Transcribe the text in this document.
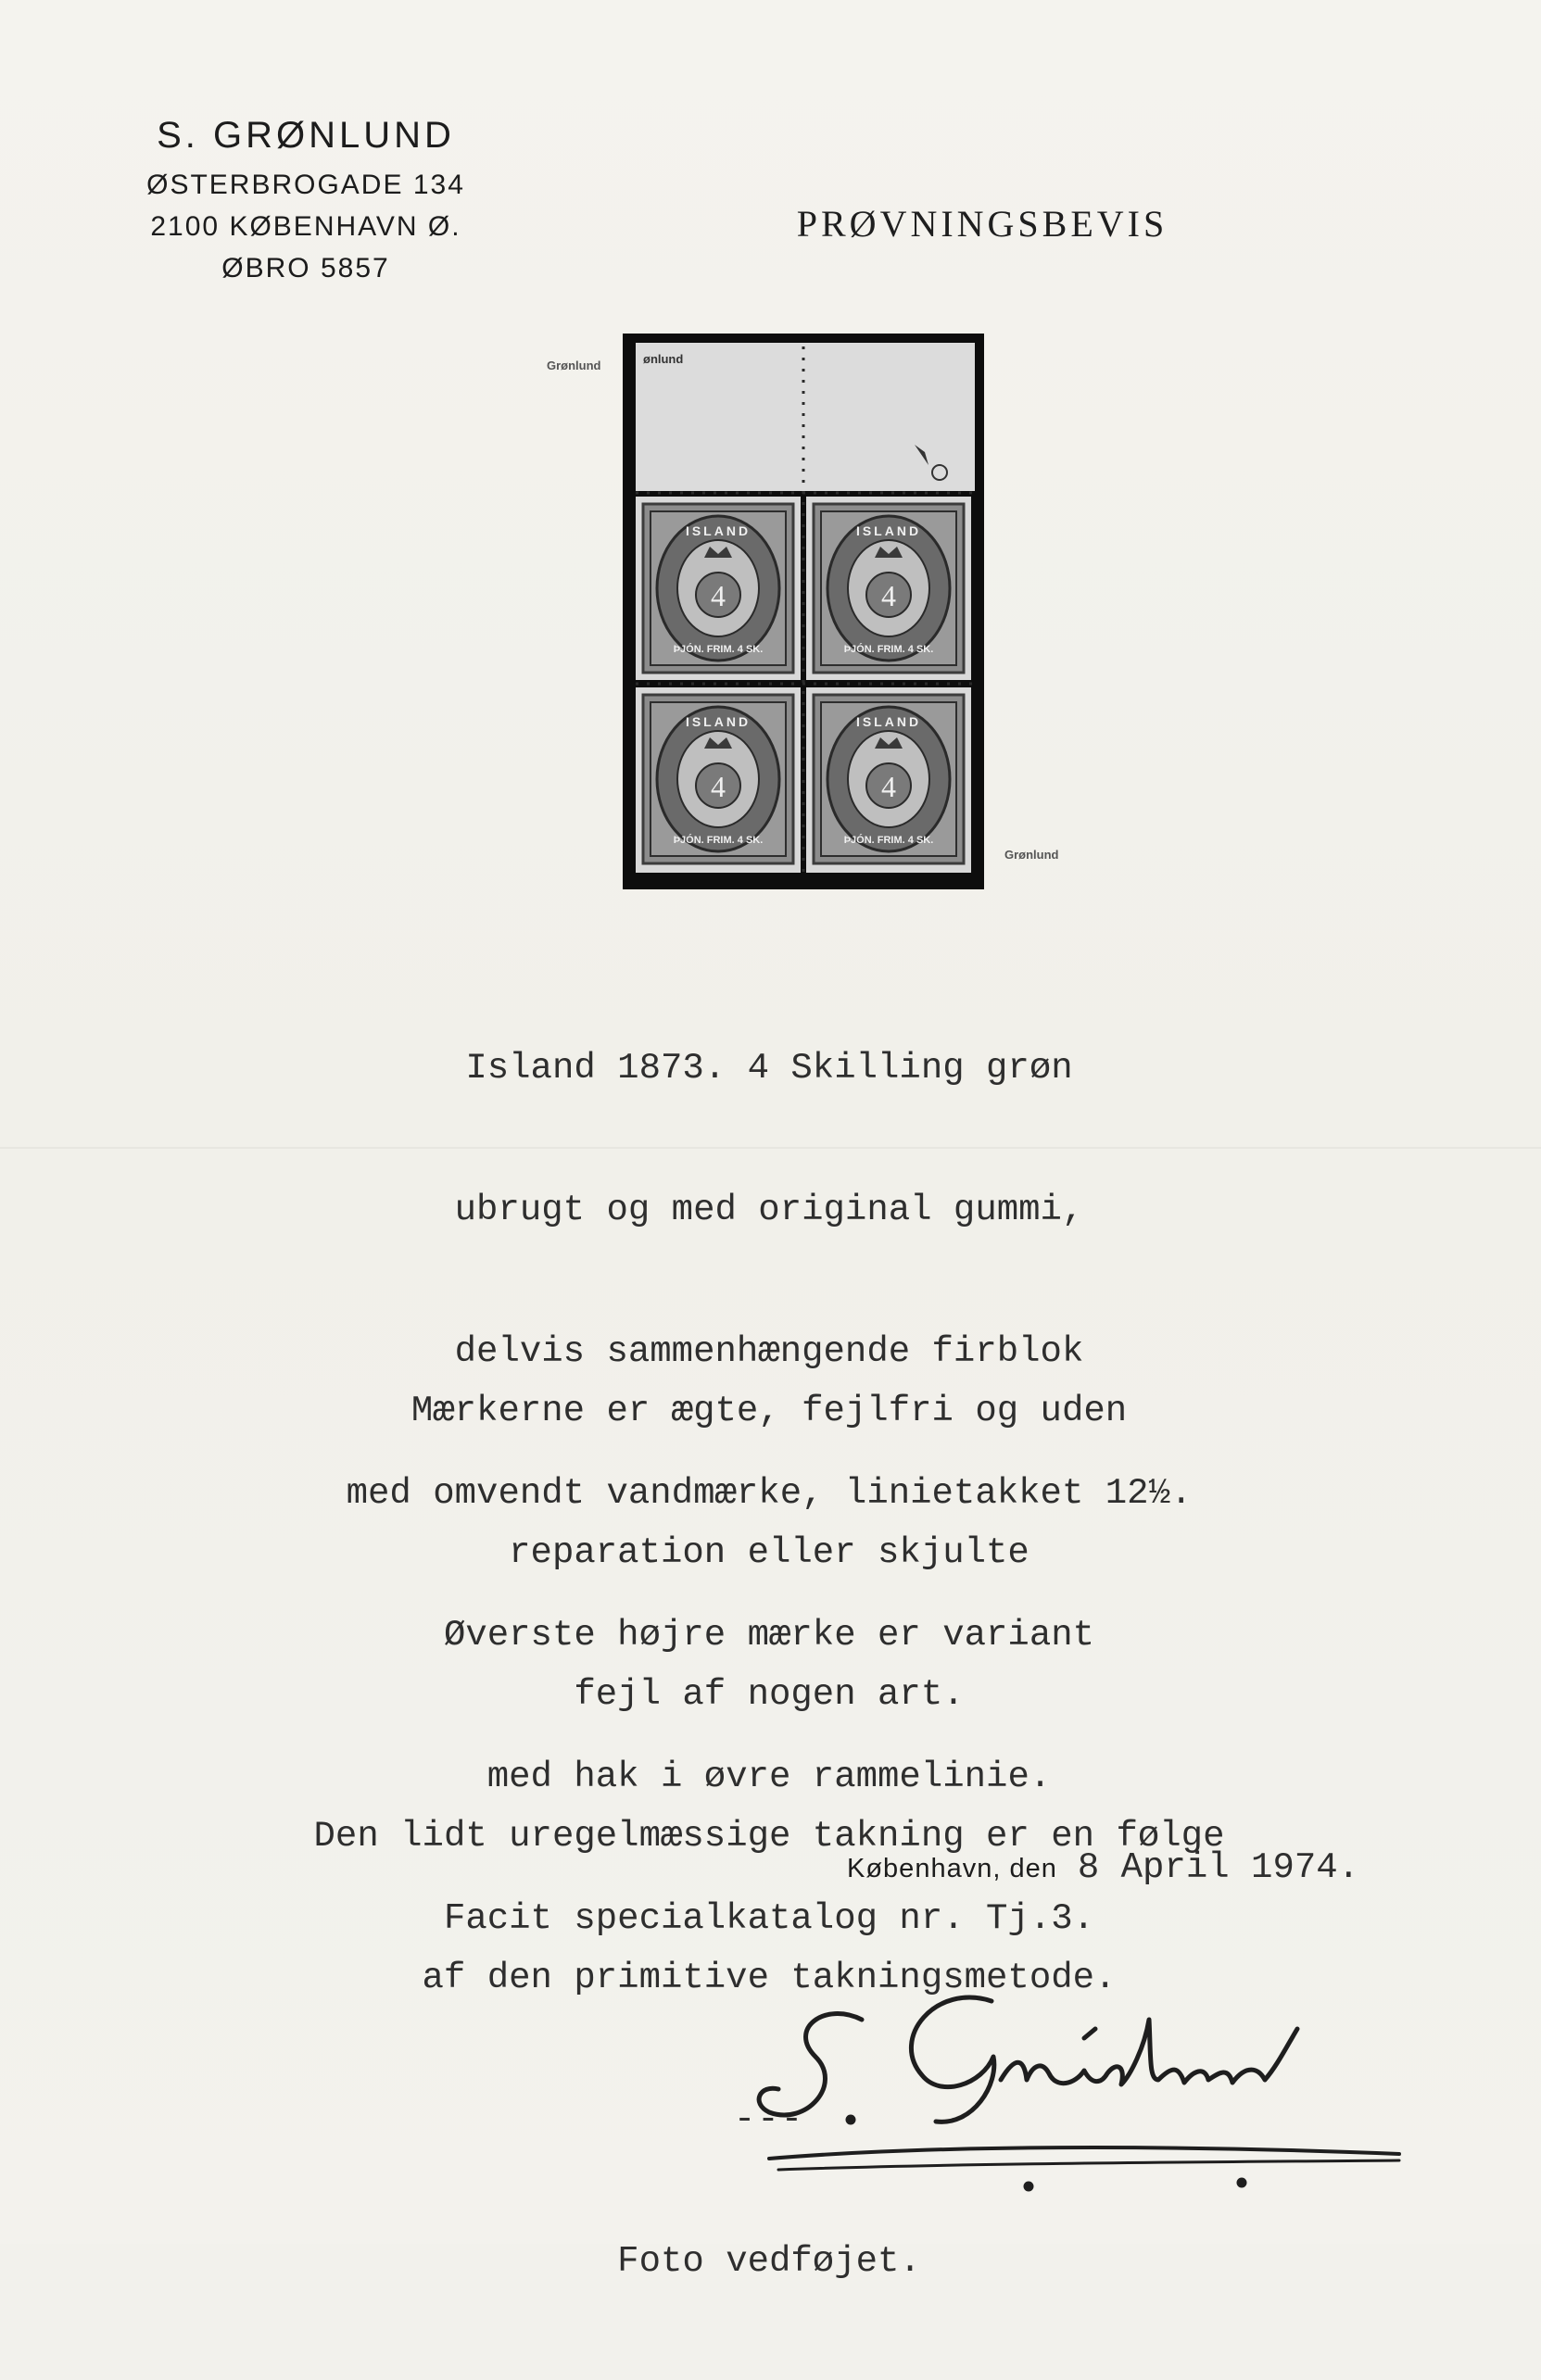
S. GRØNLUND
ØSTERBROGADE 134
2100 KØBENHAVN Ø.
ØBRO 5857
PRØVNINGSBEVIS
Grønlund
4
ISLAND
ÞJÓN. FRIM. 4 SK.
ønlund
Grønlund

Island 1873. 4 Skilling grøn

ubrugt og med original gummi,

delvis sammenhængende firblok

med omvendt vandmærke, linietakket 12½.

Øverste højre mærke er variant

med hak i øvre rammelinie.

Facit specialkatalog nr. Tj.3.

Mærkerne er ægte, fejlfri og uden

reparation eller skjulte

fejl af nogen art.

Den lidt uregelmæssige takning er en følge

af den primitive takningsmetode.

---

Foto vedføjet.

København, den 8 April 1974.
